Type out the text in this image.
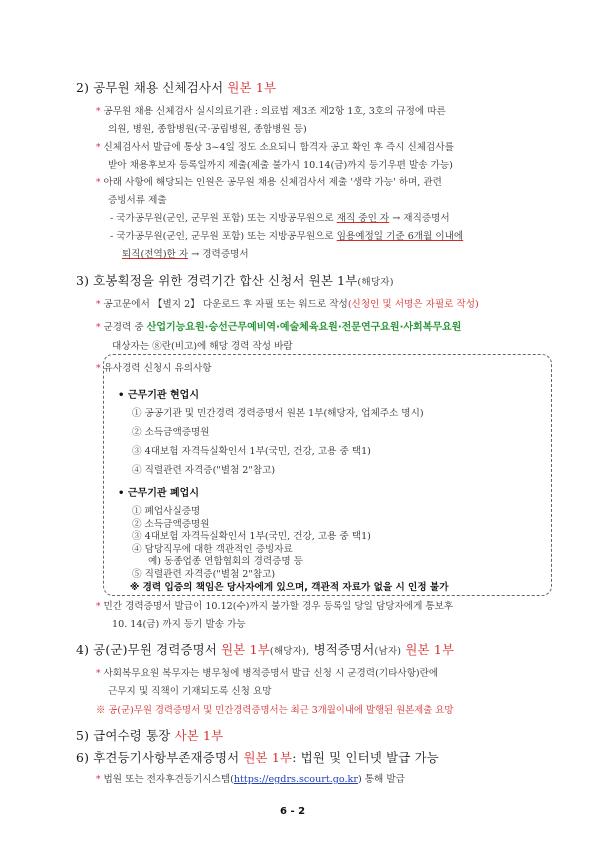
2) 공무원 채용 신체검사서 원본 1부
* 공무원 채용 신체검사 실시의료기관 : 의료법 제3조 제2항 1호, 3호의 규정에 따른
의원, 병원, 종합병원(국·공립병원, 종합병원 등)
* 신체검사서 발급에 통상 3~4일 정도 소요되니 합격자 공고 확인 후 즉시 신체검사를
받아 채용후보자 등록일까지 제출(제출 불가시 10.14(금)까지 등기우편 발송 가능)
* 아래 사항에 해당되는 인원은 공무원 채용 신체검사서 제출 '생략 가능' 하며, 관련
증빙서류 제출
- 국가공무원(군인, 군무원 포함) 또는 지방공무원으로 재직 중인 자 → 재직증명서
- 국가공무원(군인, 군무원 포함) 또는 지방공무원으로 임용예정일 기준 6개월 이내에
퇴직(전역)한 자 → 경력증명서
3) 호봉획정을 위한 경력기간 합산 신청서 원본 1부(해당자)
* 공고문에서 【별지 2】 다운로드 후 자필 또는 워드로 작성(신청인 및 서명은 자필로 작성)
* 군경력 중 산업기능요원·승선근무예비역·예술체육요원·전문연구요원·사회복무요원
대상자는 ⑧란(비고)에 해당 경력 작성 바람
* 유사경력 신청시 유의사항
• 근무기관 현업시
① 공공기관 및 민간경력 경력증명서 원본 1부(해당자, 업체주소 명시)
② 소득금액증명원
③ 4대보험 자격득실확인서 1부(국민, 건강, 고용 중 택1)
④ 직렬관련 자격증("별첨 2"참고)
• 근무기관 폐업시
① 폐업사실증명
② 소득금액증명원
③ 4대보험 자격득실확인서 1부(국민, 건강, 고용 중 택1)
④ 담당직무에 대한 객관적인 증빙자료
예) 동종업종 연합협회의 경력증명 등
⑤ 직렬관련 자격증("별첨 2"참고)
※ 경력 입증의 책임은 당사자에게 있으며, 객관적 자료가 없을 시 인정 불가
* 민간 경력증명서 발급이 10.12(수)까지 불가할 경우 등록일 당일 담당자에게 통보후
10. 14(금) 까지 등기 발송 가능
4) 공(군)무원 경력증명서 원본 1부(해당자), 병적증명서(남자) 원본 1부
* 사회복무요원 복무자는 병무청에 병적증명서 발급 신청 시 군경력(기타사항)란에
근무지 및 직책이 기재되도록 신청 요망
※ 공(군)무원 경력증명서 및 민간경력증명서는 최근 3개월이내에 발행된 원본제출 요망
5) 급여수령 통장 사본 1부
6) 후견등기사항부존재증명서 원본 1부: 법원 및 인터넷 발급 가능
* 법원 또는 전자후견등기시스템(https://egdrs.scourt.go.kr) 통해 발급
6 - 2
